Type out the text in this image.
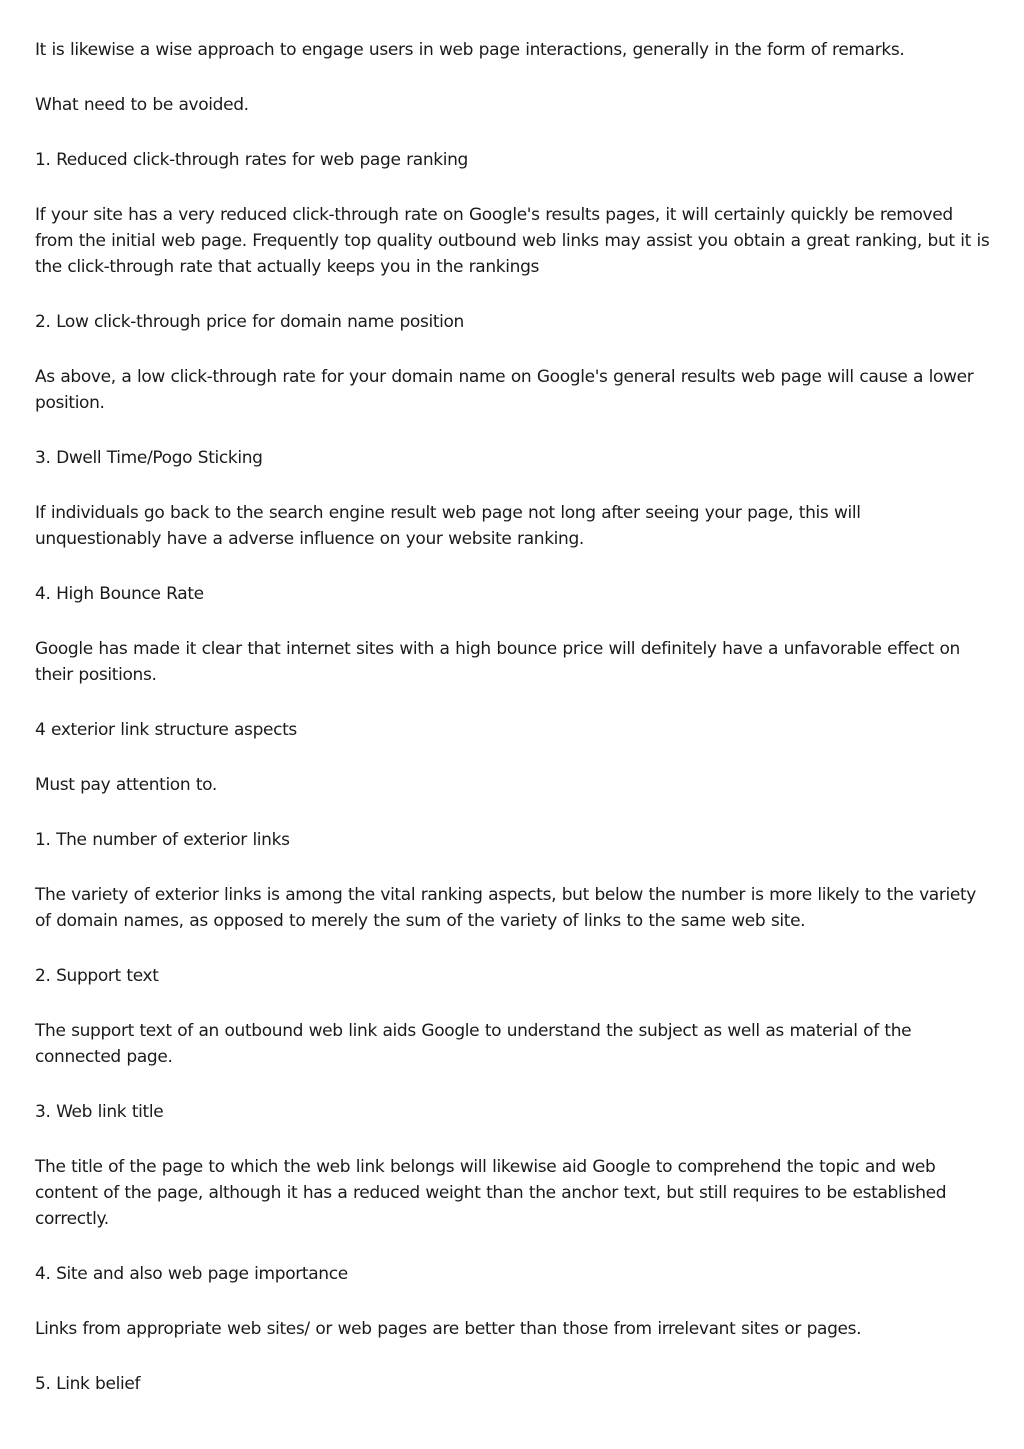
It is likewise a wise approach to engage users in web page interactions, generally in the form of remarks.

What need to be avoided.

1. Reduced click-through rates for web page ranking

If your site has a very reduced click-through rate on Google's results pages, it will certainly quickly be removed from the initial web page. Frequently top quality outbound web links may assist you obtain a great ranking, but it is the click-through rate that actually keeps you in the rankings

2. Low click-through price for domain name position

As above, a low click-through rate for your domain name on Google's general results web page will cause a lower position.

3. Dwell Time/Pogo Sticking

If individuals go back to the search engine result web page not long after seeing your page, this will unquestionably have a adverse influence on your website ranking.

4. High Bounce Rate

Google has made it clear that internet sites with a high bounce price will definitely have a unfavorable effect on their positions.

4 exterior link structure aspects

Must pay attention to.

1. The number of exterior links

The variety of exterior links is among the vital ranking aspects, but below the number is more likely to the variety of domain names, as opposed to merely the sum of the variety of links to the same web site.

2. Support text

The support text of an outbound web link aids Google to understand the subject as well as material of the connected page.

3. Web link title

The title of the page to which the web link belongs will likewise aid Google to comprehend the topic and web content of the page, although it has a reduced weight than the anchor text, but still requires to be established correctly.

4. Site and also web page importance

Links from appropriate web sites/ or web pages are better than those from irrelevant sites or pages.

5. Link belief
